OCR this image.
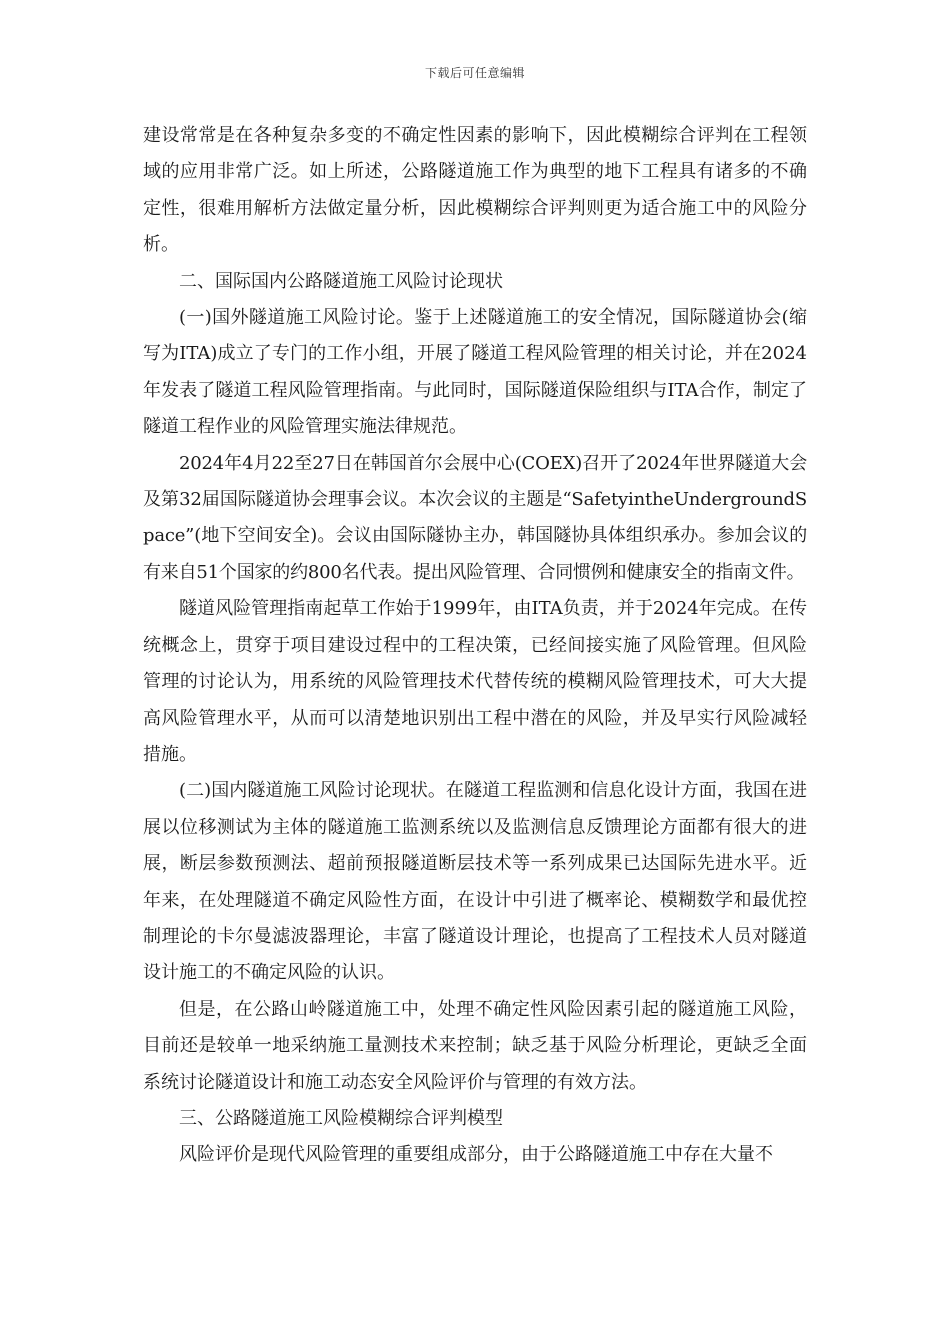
下载后可任意编辑

建设常常是在各种复杂多变的不确定性因素的影响下，因此模糊综合评判在工程领域的应用非常广泛。如上所述，公路隧道施工作为典型的地下工程具有诸多的不确定性，很难用解析方法做定量分析，因此模糊综合评判则更为适合施工中的风险分析。

二、国际国内公路隧道施工风险讨论现状

(一)国外隧道施工风险讨论。鉴于上述隧道施工的安全情况，国际隧道协会(缩写为ITA)成立了专门的工作小组，开展了隧道工程风险管理的相关讨论，并在2024年发表了隧道工程风险管理指南。与此同时，国际隧道保险组织与ITA合作，制定了隧道工程作业的风险管理实施法律规范。

2024年4月22至27日在韩国首尔会展中心(COEX)召开了2024年世界隧道大会及第32届国际隧道协会理事会议。本次会议的主题是“SafetyintheUndergroundSpace”(地下空间安全)。会议由国际隧协主办，韩国隧协具体组织承办。参加会议的有来自51个国家的约800名代表。提出风险管理、合同惯例和健康安全的指南文件。

隧道风险管理指南起草工作始于1999年，由ITA负责，并于2024年完成。在传统概念上，贯穿于项目建设过程中的工程决策，已经间接实施了风险管理。但风险管理的讨论认为，用系统的风险管理技术代替传统的模糊风险管理技术，可大大提高风险管理水平，从而可以清楚地识别出工程中潜在的风险，并及早实行风险减轻措施。

(二)国内隧道施工风险讨论现状。在隧道工程监测和信息化设计方面，我国在进展以位移测试为主体的隧道施工监测系统以及监测信息反馈理论方面都有很大的进展，断层参数预测法、超前预报隧道断层技术等一系列成果已达国际先进水平。近年来，在处理隧道不确定风险性方面，在设计中引进了概率论、模糊数学和最优控制理论的卡尔曼滤波器理论，丰富了隧道设计理论，也提高了工程技术人员对隧道设计施工的不确定风险的认识。

但是，在公路山岭隧道施工中，处理不确定性风险因素引起的隧道施工风险，目前还是较单一地采纳施工量测技术来控制；缺乏基于风险分析理论，更缺乏全面系统讨论隧道设计和施工动态安全风险评价与管理的有效方法。

三、公路隧道施工风险模糊综合评判模型

风险评价是现代风险管理的重要组成部分，由于公路隧道施工中存在大量不
